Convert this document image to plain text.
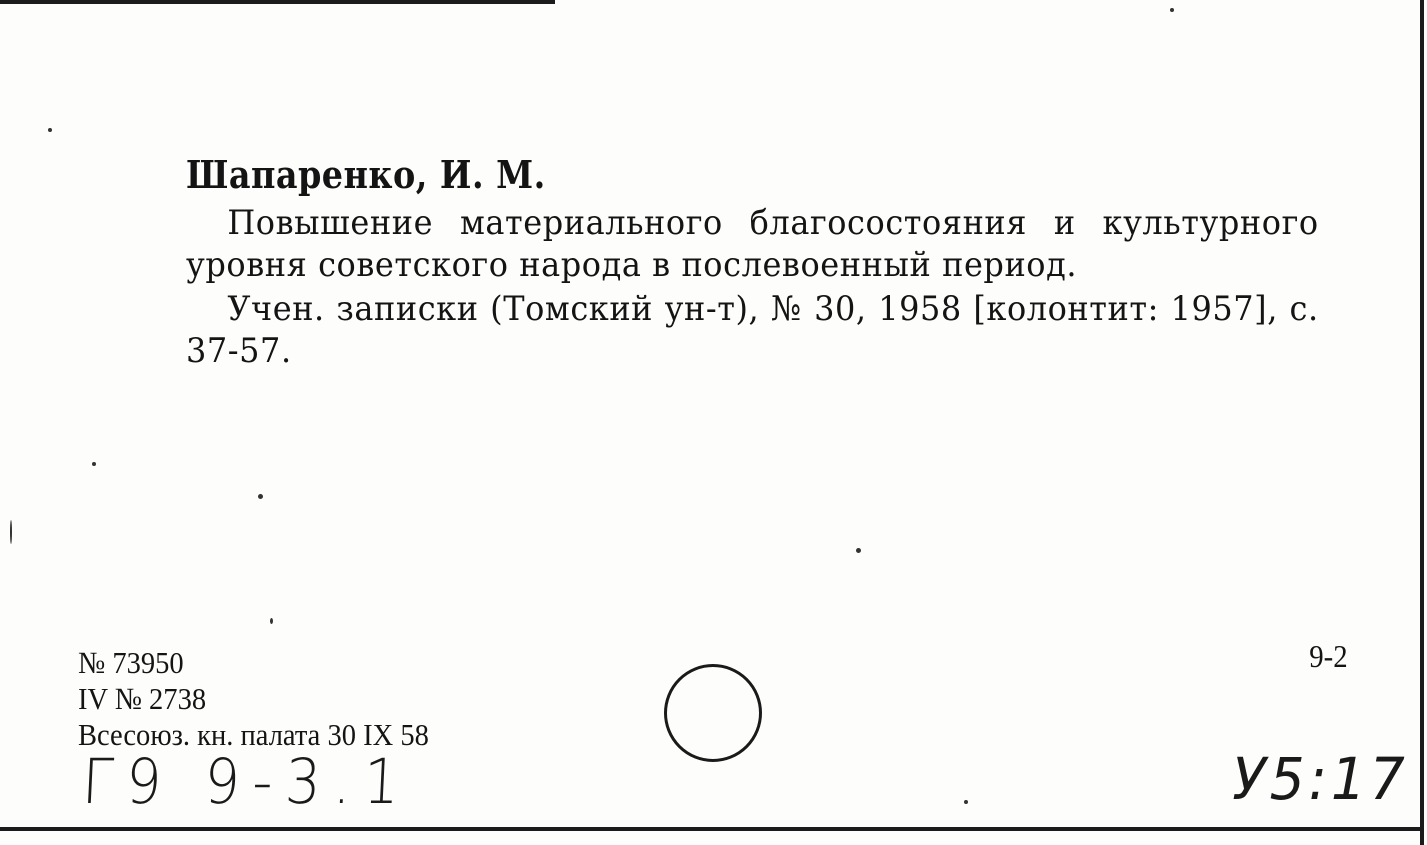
Шапаренко, И. М.

Повышение материального благосостояния и культурного уровня советского народа в послевоенный период.

Учен. записки (Томский ун-т), № 30, 1958 [колонтит: 1957], с. 37-57.

№ 73950
IV № 2738
Всесоюз. кн. палата 30 IX 58
9-2
Г9 9-3.1	У5:17
